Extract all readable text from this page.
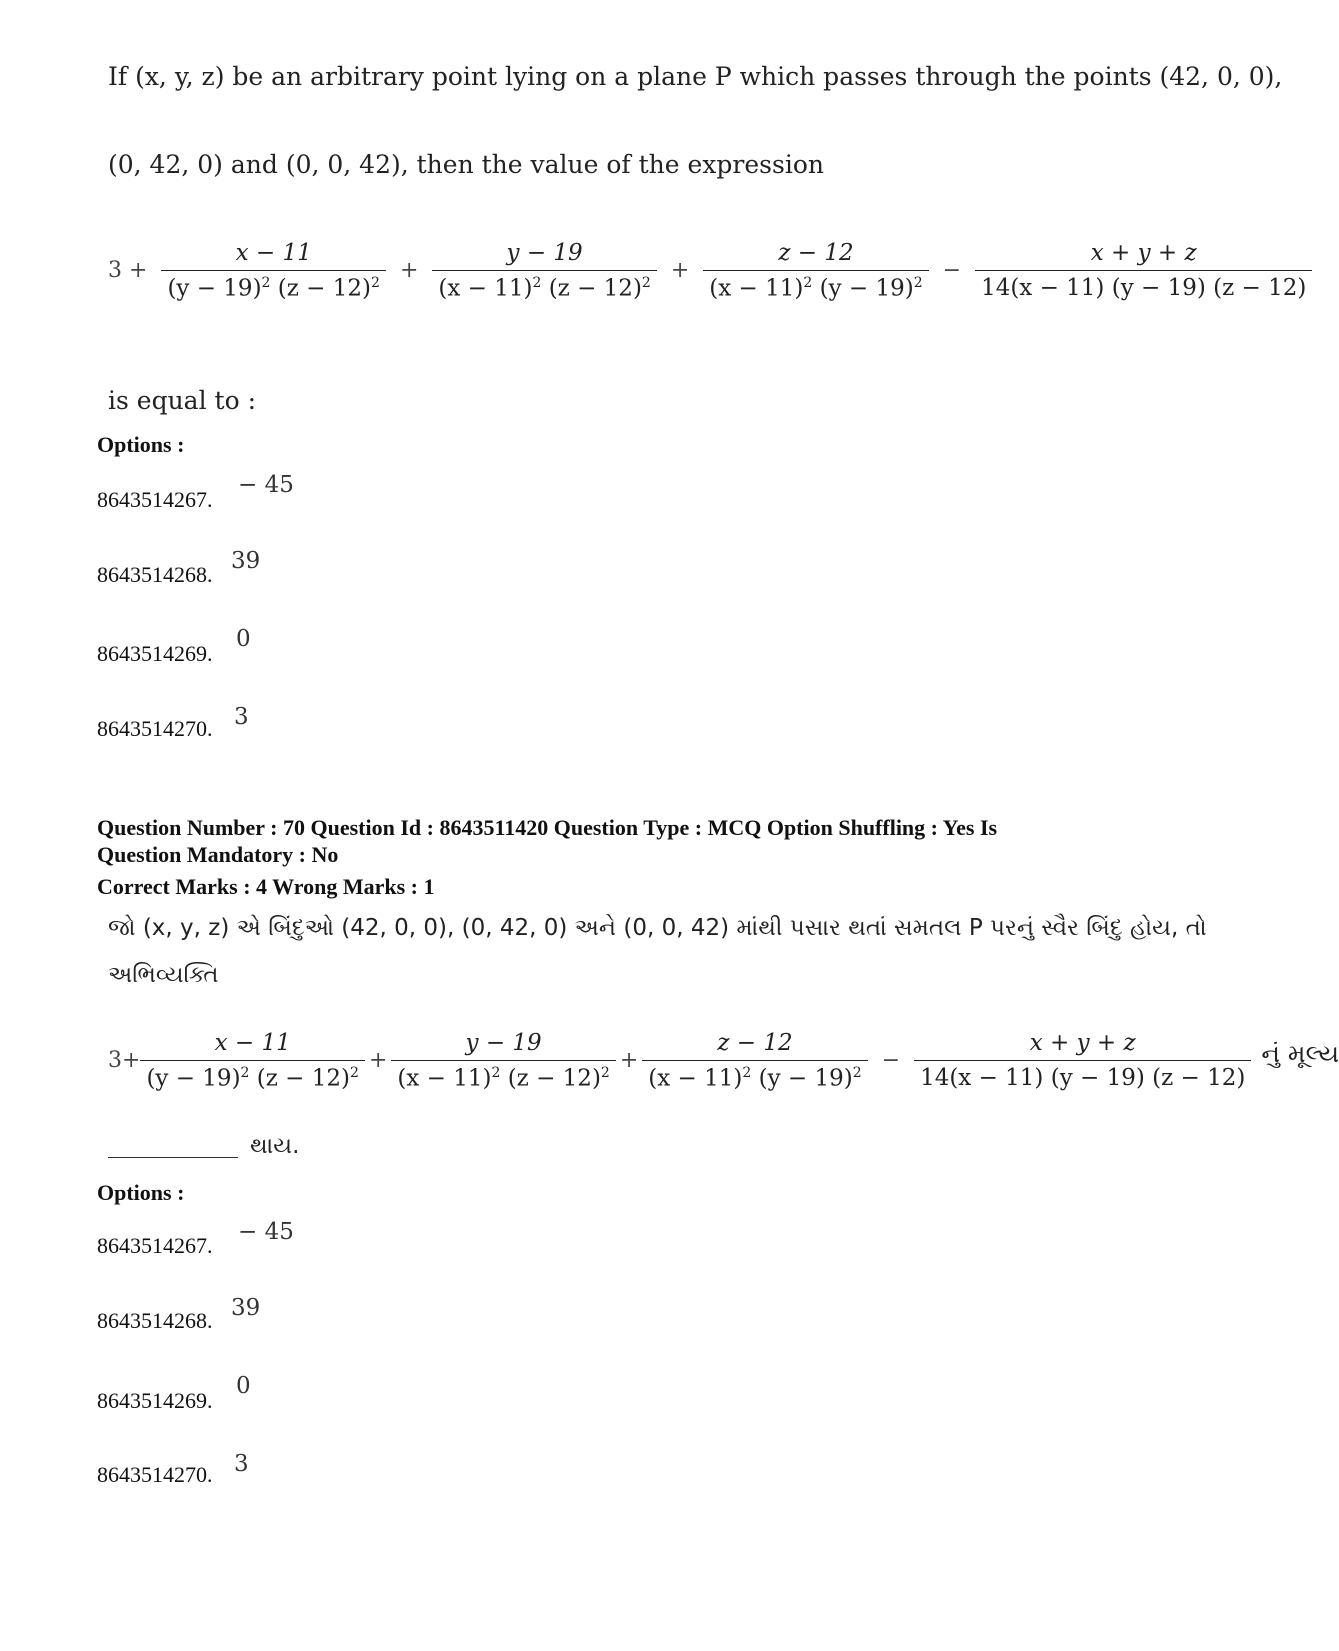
If (x, y, z) be an arbitrary point lying on a plane P which passes through the points (42, 0, 0),
(0, 42, 0) and (0, 0, 42), then the value of the expression
$3 + \frac{x - 11}{(y - 19)^2 (z - 12)^2} + \frac{y - 19}{(x - 11)^2 (z - 12)^2} + \frac{z - 12}{(x - 11)^2 (y - 19)^2} - \frac{x + y + z}{14(x - 11) (y - 19) (z - 12)}$
is equal to :
Options :
8643514267.
− 45
8643514268.
39
8643514269.
0
8643514270. 3
Question Number : 70 Question Id : 8643511420 Question Type : MCQ Option Shuffling : Yes Is
Question Mandatory : No
Correct Marks : 4 Wrong Marks : 1
જો (x, y, z) એ બિંદુઓ (42, 0, 0), (0, 42, 0) અને (0, 0, 42) માંથી પસાર થતાં સમતલ P પરનું સ્વૈર બિંદુ હોય, તો
અભિવ્યક્તિ
$3+ \frac{x - 11}{(y - 19)^2 (z - 12)^2} + \frac{y - 19}{(x - 11)^2 (z - 12)^2} + \frac{z - 12}{(x - 11)^2 (y - 19)^2} - \frac{x + y + z}{14(x - 11) (y - 19) (z - 12)}$ નું મૂલ્ય
થાય.
Options :
8643514267.
− 45
8643514268. 39
8643514269.
0
8643514270. 3
